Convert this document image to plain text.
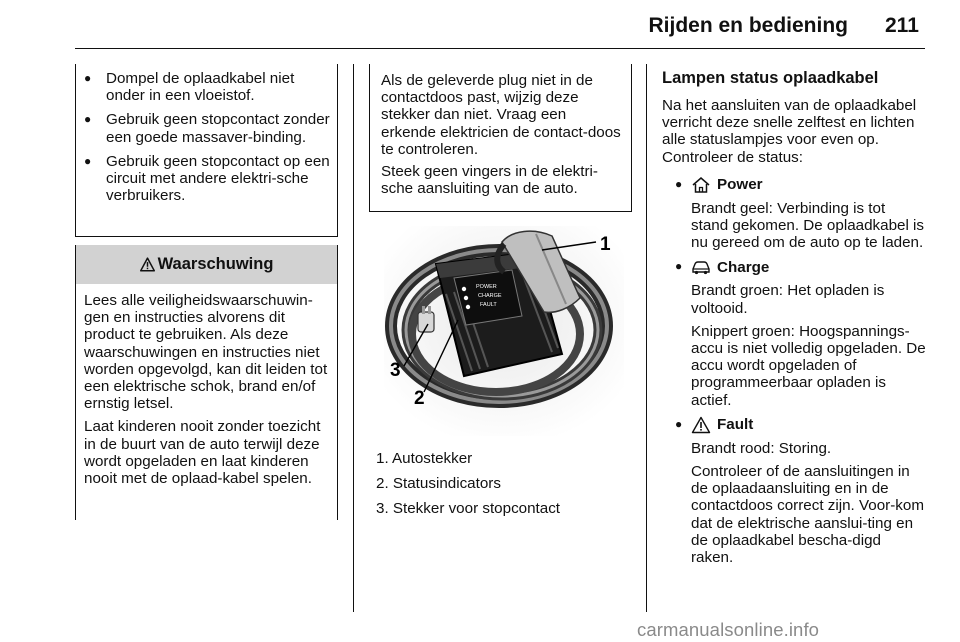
Rijden en bediening 211
● Dompel de oplaadkabel niet onder in een vloeistof.
● Gebruik geen stopcontact zonder een goede massaver-binding.
● Gebruik geen stopcontact op een circuit met andere elektri-sche verbruikers.
Waarschuwing

Lees alle veiligheidswaarschuwin-gen en instructies alvorens dit product te gebruiken. Als deze waarschuwingen en instructies niet worden opgevolgd, kan dit leiden tot een elektrische schok, brand en/of ernstig letsel.

Laat kinderen nooit zonder toezicht in de buurt van de auto terwijl deze wordt opgeladen en laat kinderen nooit met de oplaad-kabel spelen.

Als de geleverde plug niet in de contactdoos past, wijzig deze stekker dan niet. Vraag een erkende elektricien de contact-doos te controleren.

Steek geen vingers in de elektri-sche aansluiting van de auto.

POWER
CHARGE
FAULT
1
2
3
1. Autostekker
2. Statusindicators
3. Stekker voor stopcontact
Lampen status oplaadkabel

Na het aansluiten van de oplaadkabel verricht deze snelle zelftest en lichten alle statuslampjes voor even op.

Controleer de status:

● Power

Brandt geel: Verbinding is tot stand gekomen. De oplaadkabel is nu gereed om de auto op te laden.

● Charge

Brandt groen: Het opladen is voltooid.

Knippert groen: Hoogspannings-accu is niet volledig opgeladen. De accu wordt opgeladen of programmeerbaar opladen is actief.

● Fault

Brandt rood: Storing.

Controleer of de aansluitingen in de oplaadaansluiting en in de contactdoos correct zijn. Voor-kom dat de elektrische aanslui-ting en de oplaadkabel bescha-digd raken.

carmanualsonline.info
